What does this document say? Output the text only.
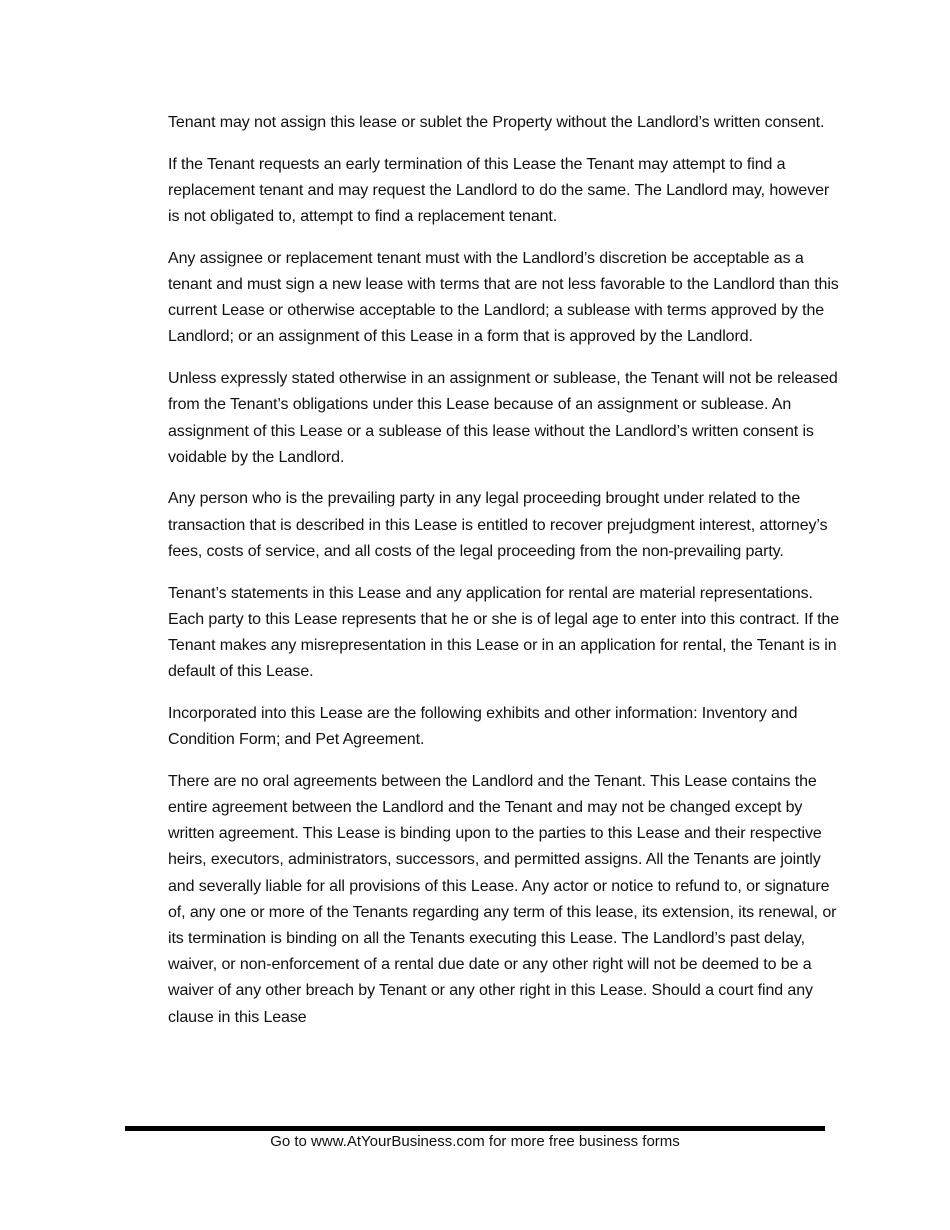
Tenant may not assign this lease or sublet the Property without the Landlord’s written consent.

If the Tenant requests an early termination of this Lease the Tenant may attempt to find a replacement tenant and may request the Landlord to do the same. The Landlord may, however is not obligated to, attempt to find a replacement tenant.

Any assignee or replacement tenant must with the Landlord’s discretion be acceptable as a tenant and must sign a new lease with terms that are not less favorable to the Landlord than this current Lease or otherwise acceptable to the Landlord; a sublease with terms approved by the Landlord; or an assignment of this Lease in a form that is approved by the Landlord.

Unless expressly stated otherwise in an assignment or sublease, the Tenant will not be released from the Tenant’s obligations under this Lease because of an assignment or sublease. An assignment of this Lease or a sublease of this lease without the Landlord’s written consent is voidable by the Landlord.

Any person who is the prevailing party in any legal proceeding brought under related to the transaction that is described in this Lease is entitled to recover prejudgment interest, attorney’s fees, costs of service, and all costs of the legal proceeding from the non-prevailing party.

Tenant’s statements in this Lease and any application for rental are material representations. Each party to this Lease represents that he or she is of legal age to enter into this contract. If the Tenant makes any misrepresentation in this Lease or in an application for rental, the Tenant is in default of this Lease.

Incorporated into this Lease are the following exhibits and other information: Inventory and Condition Form; and Pet Agreement.

There are no oral agreements between the Landlord and the Tenant. This Lease contains the entire agreement between the Landlord and the Tenant and may not be changed except by written agreement. This Lease is binding upon to the parties to this Lease and their respective heirs, executors, administrators, successors, and permitted assigns. All the Tenants are jointly and severally liable for all provisions of this Lease. Any actor or notice to refund to, or signature of, any one or more of the Tenants regarding any term of this lease, its extension, its renewal, or its termination is binding on all the Tenants executing this Lease. The Landlord’s past delay, waiver, or non-enforcement of a rental due date or any other right will not be deemed to be a waiver of any other breach by Tenant or any other right in this Lease. Should a court find any clause in this Lease

Go to www.AtYourBusiness.com for more free business forms
